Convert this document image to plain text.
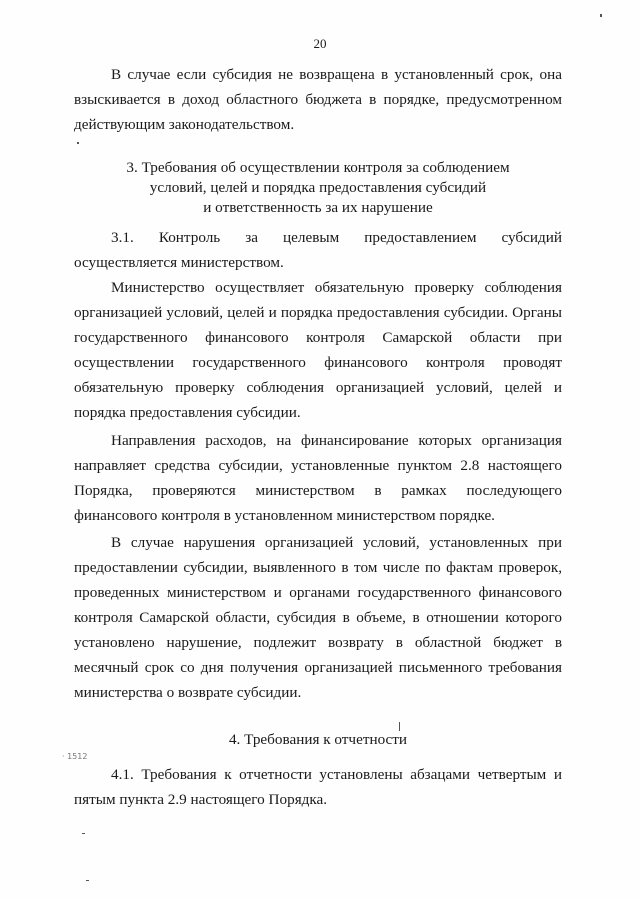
20

В случае если субсидия не возвращена в установленный срок, она взыскивается в доход областного бюджета в порядке, предусмотренном действующим законодательством.

3. Требования об осуществлении контроля за соблюдением
условий, целей и порядка предоставления субсидий
и ответственность за их нарушение

3.1. Контроль за целевым предоставлением субсидий осуществляется министерством.

Министерство осуществляет обязательную проверку соблюдения организацией условий, целей и порядка предоставления субсидии. Органы государственного финансового контроля Самарской области при осуществлении государственного финансового контроля проводят обязательную проверку соблюдения организацией условий, целей и порядка предоставления субсидии.

Направления расходов, на финансирование которых организация направляет средства субсидии, установленные пунктом 2.8 настоящего Порядка, проверяются министерством в рамках последующего финансового контроля в установленном министерством порядке.

В случае нарушения организацией условий, установленных при предоставлении субсидии, выявленного в том числе по фактам проверок, проведенных министерством и органами государственного финансового контроля Самарской области, субсидия в объеме, в отношении которого установлено нарушение, подлежит возврату в областной бюджет в месячный срок со дня получения организацией письменного требования министерства о возврате субсидии.

4. Требования к отчетности
· 1512

4.1. Требования к отчетности установлены абзацами четвертым и пятым пункта 2.9 настоящего Порядка.
